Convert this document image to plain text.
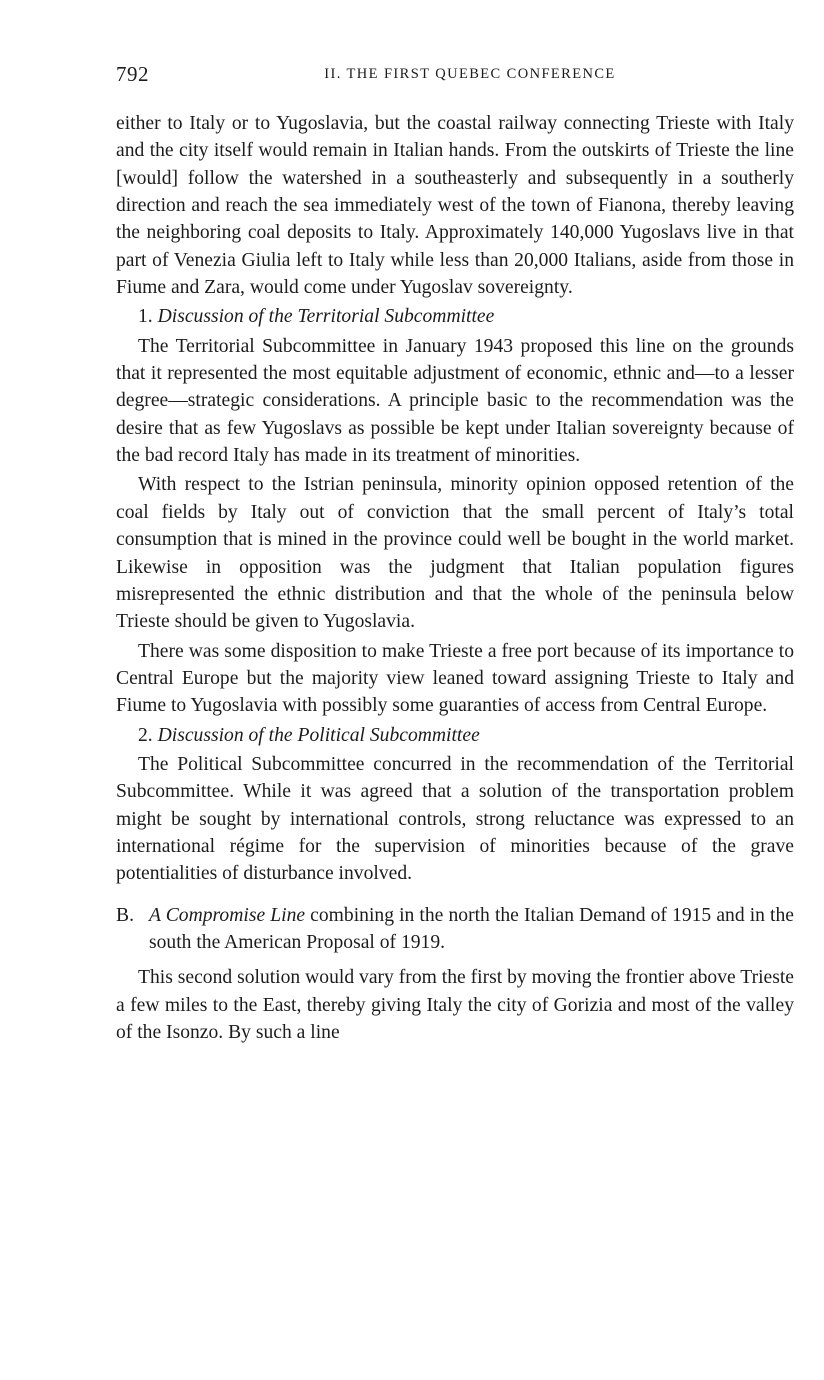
792	II. THE FIRST QUEBEC CONFERENCE

either to Italy or to Yugoslavia, but the coastal railway connecting Trieste with Italy and the city itself would remain in Italian hands. From the outskirts of Trieste the line [would] follow the watershed in a southeasterly and subsequently in a southerly direction and reach the sea immediately west of the town of Fianona, thereby leaving the neighboring coal deposits to Italy. Approximately 140,000 Yugoslavs live in that part of Venezia Giulia left to Italy while less than 20,000 Italians, aside from those in Fiume and Zara, would come under Yugoslav sovereignty.

1. Discussion of the Territorial Subcommittee

The Territorial Subcommittee in January 1943 proposed this line on the grounds that it represented the most equitable adjustment of economic, ethnic and—to a lesser degree—strategic considerations. A principle basic to the recommendation was the desire that as few Yugoslavs as possible be kept under Italian sovereignty because of the bad record Italy has made in its treatment of minorities.

With respect to the Istrian peninsula, minority opinion opposed retention of the coal fields by Italy out of conviction that the small percent of Italy’s total consumption that is mined in the province could well be bought in the world market. Likewise in opposition was the judgment that Italian population figures misrepresented the ethnic distribution and that the whole of the peninsula below Trieste should be given to Yugoslavia.

There was some disposition to make Trieste a free port because of its importance to Central Europe but the majority view leaned toward assigning Trieste to Italy and Fiume to Yugoslavia with possibly some guaranties of access from Central Europe.

2. Discussion of the Political Subcommittee

The Political Subcommittee concurred in the recommendation of the Territorial Subcommittee. While it was agreed that a solution of the transportation problem might be sought by international controls, strong reluctance was expressed to an international régime for the supervision of minorities because of the grave potentialities of disturbance involved.

B. A Compromise Line combining in the north the Italian Demand of 1915 and in the south the American Proposal of 1919.

This second solution would vary from the first by moving the frontier above Trieste a few miles to the East, thereby giving Italy the city of Gorizia and most of the valley of the Isonzo. By such a line
